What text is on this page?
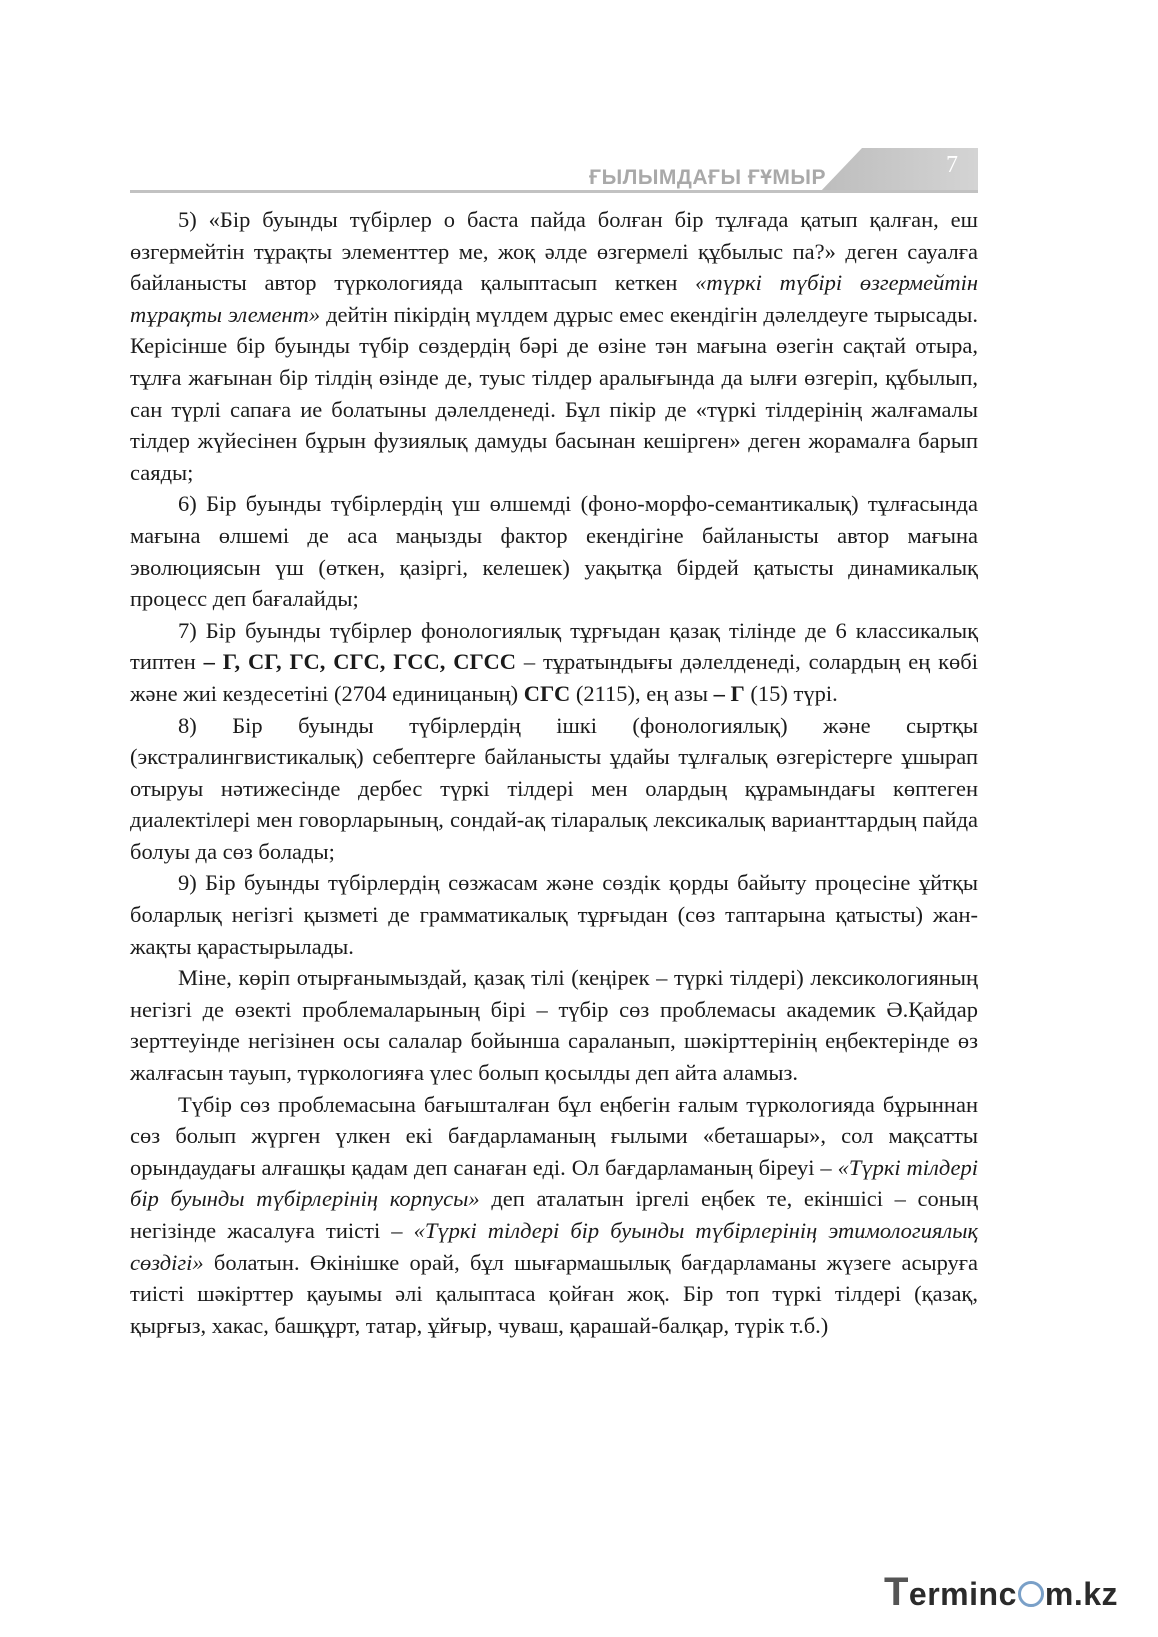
ҒЫЛЫМДАҒЫ ҒҰМЫР	7

5) «Бір буынды түбірлер о баста пайда болған бір тұлғада қатып қалған, еш өзгермейтін тұрақты элементтер ме, жоқ әлде өзгермелі құбылыс па?» деген сауалға байланысты автор түркологияда қалыптасып кеткен «түркі түбірі өзгермейтін тұрақты элемент» дейтін пікірдің мүлдем дұрыс емес екендігін дәлелдеуге тырысады. Керісінше бір буынды түбір сөздердің бәрі де өзіне тән мағына өзегін сақтай отыра, тұлға жағынан бір тілдің өзінде де, туыс тілдер аралығында да ылғи өзгеріп, құбылып, сан түрлі сапаға ие болатыны дәлелденеді. Бұл пікір де «түркі тілдерінің жалғамалы тілдер жүйесінен бұрын фузиялық дамуды басынан кешірген» деген жорамалға барып саяды;

6) Бір буынды түбірлердің үш өлшемді (фоно-морфо-семантикалық) тұлғасында мағына өлшемі де аса маңызды фактор екендігіне байланысты автор мағына эволюциясын үш (өткен, қазіргі, келешек) уақытқа бірдей қатысты динамикалық процесс деп бағалайды;

7) Бір буынды түбірлер фонологиялық тұрғыдан қазақ тілінде де 6 классикалық типтен – Г, СГ, ГС, СГС, ГСС, СГСС – тұратындығы дәлелденеді, солардың ең көбі және жиі кездесетіні (2704 единицаның) СГС (2115), ең азы – Г (15) түрі.

8) Бір буынды түбірлердің ішкі (фонологиялық) және сыртқы (экстралингвистикалық) себептерге байланысты ұдайы тұлғалық өзгерістерге ұшырап отыруы нәтижесінде дербес түркі тілдері мен олардың құрамындағы көптеген диалектілері мен говорларының, сондай-ақ тіларалық лексикалық варианттардың пайда болуы да сөз болады;

9) Бір буынды түбірлердің сөзжасам және сөздік қорды байыту процесіне ұйтқы боларлық негізгі қызметі де грамматикалық тұрғыдан (сөз таптарына қатысты) жан-жақты қарастырылады.

Міне, көріп отырғанымыздай, қазақ тілі (кеңірек – түркі тілдері) лексикологияның негізгі де өзекті проблемаларының бірі – түбір сөз проблемасы академик Ә.Қайдар зерттеуінде негізінен осы салалар бойынша сараланып, шәкірттерінің еңбектерінде өз жалғасын тауып, түркологияға үлес болып қосылды деп айта аламыз.

Түбір сөз проблемасына бағышталған бұл еңбегін ғалым түркологияда бұрыннан сөз болып жүрген үлкен екі бағдарламаның ғылыми «беташары», сол мақсатты орындаудағы алғашқы қадам деп санаған еді. Ол бағдарламаның біреуі – «Түркі тілдері бір буынды түбірлерінің корпусы» деп аталатын іргелі еңбек те, екіншісі – соның негізінде жасалуға тиісті – «Түркі тілдері бір буынды түбірлерінің этимологиялық сөздігі» болатын. Өкінішке орай, бұл шығармашылық бағдарламаны жүзеге асыруға тиісті шәкірттер қауымы әлі қалыптаса қойған жоқ. Бір топ түркі тілдері (қазақ, қырғыз, хакас, башқұрт, татар, ұйғыр, чуваш, қарашай-балқар, түрік т.б.)

Terminc m.kz
